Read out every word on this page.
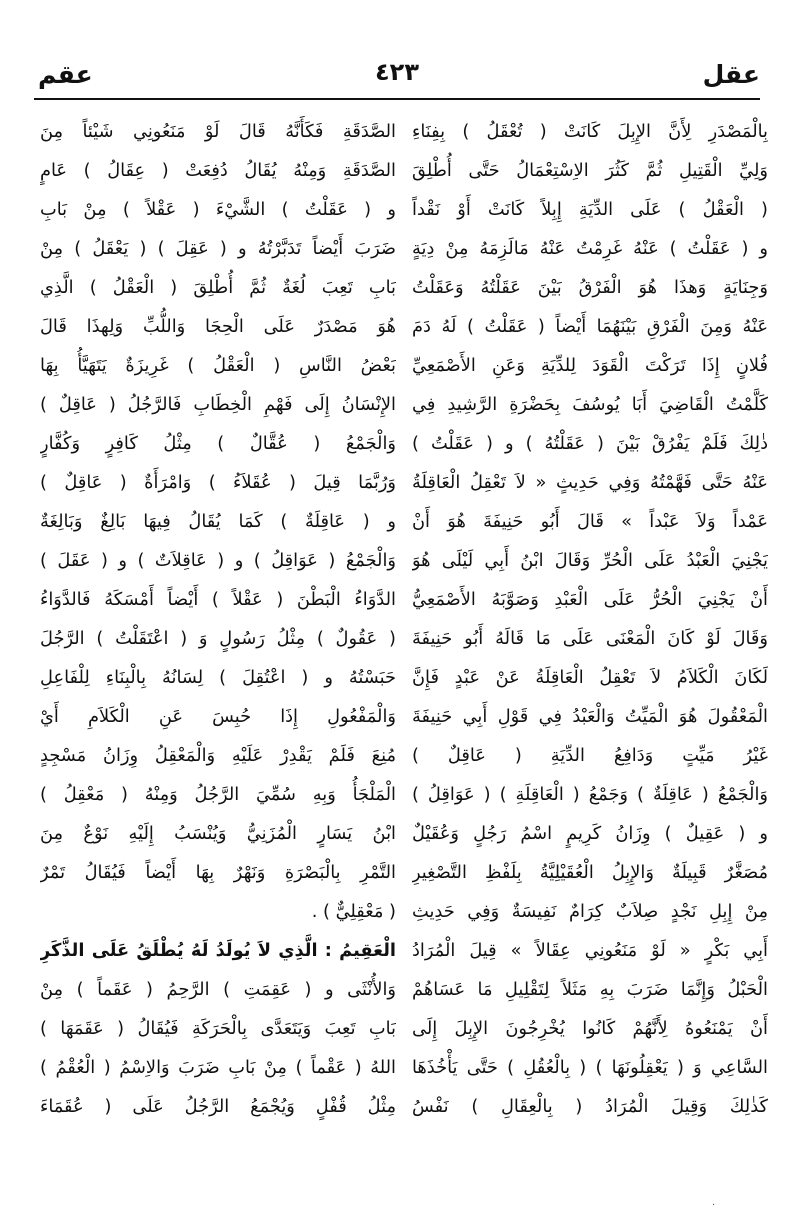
عقل
٤٢٣
عقم
بِالْمَصْدَرِ لِأَنَّ الإِبِلَ كَانَتْ ( تُعْقَلُ ) بِفِنَاءِ
وَلِيِّ الْقَتِيلِ ثُمَّ كَثُرَ الاِسْتِعْمَالُ حَتَّى أُطْلِقَ
( الْعَقْلُ ) عَلَى الدِّيَةِ إِبِلاً كَانَتْ أَوْ نَقْداً
و ( عَقَلْتُ ) عَنْهُ غَرِمْتُ عَنْهُ مَالَزِمَهُ مِنْ دِيَةٍ
وَجِنَايَةٍ وَهذَا هُوَ الْفَرْقُ بَيْنَ عَقَلْتُهُ وَعَقَلْتُ
عَنْهُ وَمِنَ الْفَرْقِ بَيْنَهُمَا أَيْضاً ( عَقَلْتُ ) لَهُ دَمَ
فُلانٍ إِذَا تَرَكْتَ الْقَوَدَ لِلدِّيَةِ وَعَنِ الأَصْمَعِيِّ
كَلَّمْتُ الْقَاضِيَ أَبَا يُوسُفَ بِحَضْرَةِ الرَّشِيدِ فِي
ذٰلِكَ فَلَمْ يَفْرُقْ بَيْنَ ( عَقَلْتُهُ ) و ( عَقَلْتُ )
عَنْهُ حَتَّى فَهَّمْتُهُ وَفِي حَدِيثٍ « لاَ تَعْقِلُ الْعَاقِلَةُ
عَمْداً وَلاَ عَبْداً » قَالَ أَبُو حَنِيفَةَ هُوَ أَنْ
يَجْنِيَ الْعَبْدُ عَلَى الْحُرِّ وَقَالَ ابْنُ أَبِي لَيْلَى هُوَ
أَنْ يَجْنِيَ الْحُرُّ عَلَى الْعَبْدِ وَصَوَّبَهُ الأَصْمَعِيُّ
وَقَالَ لَوْ كَانَ الْمَعْنَى عَلَى مَا قَالَهُ أَبُو حَنِيفَةَ
لَكَانَ الْكَلاَمُ لاَ تَعْقِلُ الْعَاقِلَةُ عَنْ عَبْدٍ فَإِنَّ
الْمَعْقُولَ هُوَ الْمَيِّتُ وَالْعَبْدُ فِي قَوْلِ أَبِي حَنِيفَةَ
غَيْرُ مَيِّتٍ وَدَافِعُ الدِّيَةِ ( عَاقِلٌ )
وَالْجَمْعُ ( عَاقِلَةٌ ) وَجَمْعُ ( الْعَاقِلَةِ ) ( عَوَاقِلُ )
و ( عَقِيلٌ ) وِزَانُ كَرِيمٍ اسْمُ رَجُلٍ وَعُقَيْلٌ
مُصَغَّرٌ قَبِيلَةٌ وَالإِبِلُ الْعُقَيْلِيَّةُ بِلَفْظِ التَّصْغِيرِ
مِنْ إِبِلِ نَجْدٍ صِلاَبٌ كِرَامٌ نَفِيسَةٌ وَفِي حَدِيثِ
أَبِي بَكْرٍ « لَوْ مَنَعُونِي عِقَالاً » قِيلَ الْمُرَادُ
الْحَبْلُ وَإِنَّمَا ضَرَبَ بِهِ مَثَلاً لِتَقْلِيلِ مَا عَسَاهُمْ
أَنْ يَمْنَعُوهُ لِأَنَّهُمْ كَانُوا يُخْرِجُونَ الإِبِلَ إِلَى
السَّاعِي وَ ( يَعْقِلُونَهَا ) ( بِالْعُقُلِ ) حَتَّى يَأْخُذَهَا
كَذٰلِكَ وَقِيلَ الْمُرَادُ ( بِالْعِقَالِ ) نَفْسُ
الصَّدَقَةِ فَكَأَنَّهُ قَالَ لَوْ مَنَعُونِي شَيْئاً مِنَ
الصَّدَقَةِ وَمِنْهُ يُقَالُ دُفِعَتْ ( عِقَالُ ) عَامٍ
و ( عَقَلْتُ ) الشَّيْءَ ( عَقْلاً ) مِنْ بَابِ
ضَرَبَ أَيْضاً تَدَبَّرْتُهُ و ( عَقِلَ ) ( يَعْقَلُ ) مِنْ
بَابِ تَعِبَ لُغَةٌ ثُمَّ أُطْلِقَ ( الْعَقْلُ ) الَّذِي
هُوَ مَصْدَرٌ عَلَى الْحِجَا وَاللُّبِّ وَلِهذَا قَالَ
بَعْضُ النَّاسِ ( الْعَقْلُ ) غَرِيزَةٌ يَتَهَيَّأُ بِهَا
الإِنْسَانُ إِلَى فَهْمِ الْخِطَابِ فَالرَّجُلُ ( عَاقِلٌ )
وَالْجَمْعُ ( عُقَّالٌ ) مِثْلُ كَافِرٍ وَكُفَّارٍ
وَرُبَّمَا قِيلَ ( عُقَلاَءُ ) وَامْرَأَةٌ ( عَاقِلٌ )
و ( عَاقِلَةٌ ) كَمَا يُقَالُ فِيهَا بَالِغٌ وَبَالِغَةٌ
وَالْجَمْعُ ( عَوَاقِلُ ) و ( عَاقِلاَتٌ ) و ( عَقَلَ )
الدَّوَاءُ الْبَطْنَ ( عَقْلاً ) أَيْضاً أَمْسَكَهُ فَالدَّوَاءُ
( عَقُولٌ ) مِثْلُ رَسُولٍ وَ ( اعْتَقَلْتُ ) الرَّجُلَ
حَبَسْتُهُ و ( اعْتُقِلَ ) لِسَانُهُ بِالْبِنَاءِ لِلْفَاعِلِ
وَالْمَفْعُولِ إِذَا حُبِسَ عَنِ الْكَلاَمِ أَيْ
مُنِعَ فَلَمْ يَقْدِرْ عَلَيْهِ وَالْمَعْقِلُ وِزَانُ مَسْجِدٍ
الْمَلْجَأُ وَبِهِ سُمِّيَ الرَّجُلُ وَمِنْهُ ( مَعْقِلُ )
ابْنُ يَسَارٍ الْمُزَنِيُّ وَيُنْسَبُ إِلَيْهِ نَوْعٌ مِنَ
التَّمْرِ بِالْبَصْرَةِ وَنَهْرٌ بِهَا أَيْضاً فَيُقَالُ تَمْرٌ
( مَعْقِلِيٌّ ) .
الْعَقِيمُ : الَّذِي لاَ يُولَدُ لَهُ يُطْلَقُ عَلَى الذَّكَرِ
وَالأُنْثَى و ( عَقِمَتِ ) الرَّحِمُ ( عَقَماً ) مِنْ
بَابِ تَعِبَ وَيَتَعَدَّى بِالْحَرَكَةِ فَيُقَالُ ( عَقَمَهَا )
اللهُ ( عَقْماً ) مِنْ بَابِ ضَرَبَ وَالاِسْمُ ( الْعُقْمُ )
مِثْلُ قُفْلٍ وَيُجْمَعُ الرَّجُلُ عَلَى ( عُقَمَاءَ
·
